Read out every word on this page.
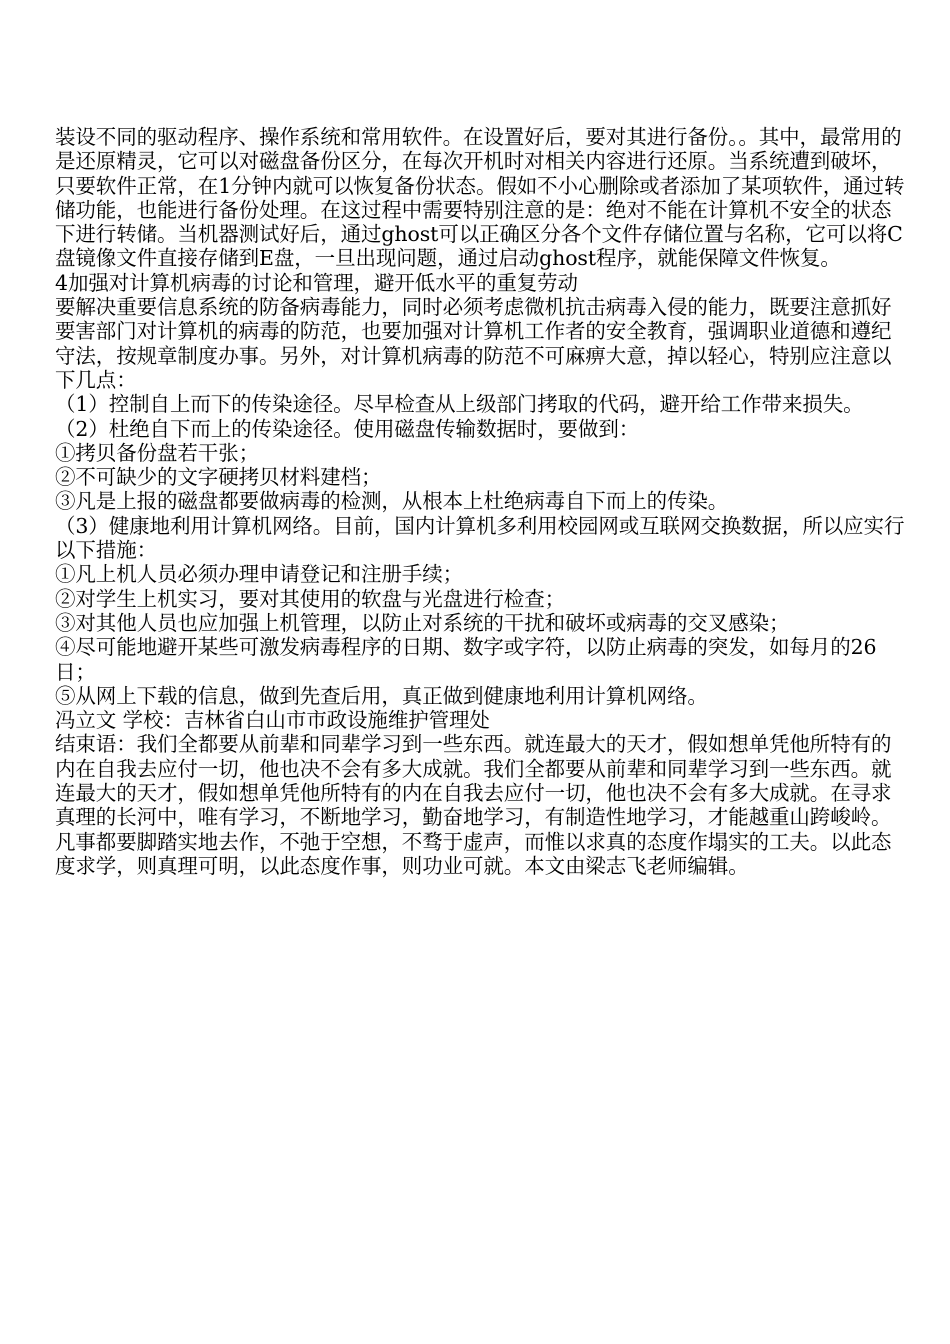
装设不同的驱动程序、操作系统和常用软件。在设置好后，要对其进行备份。。其中，最常用的是还原精灵，它可以对磁盘备份区分，在每次开机时对相关内容进行还原。当系统遭到破坏，只要软件正常，在1分钟内就可以恢复备份状态。假如不小心删除或者添加了某项软件，通过转储功能，也能进行备份处理。在这过程中需要特别注意的是：绝对不能在计算机不安全的状态下进行转储。当机器测试好后，通过ghost可以正确区分各个文件存储位置与名称，它可以将C盘镜像文件直接存储到E盘，一旦出现问题，通过启动ghost程序，就能保障文件恢复。

4加强对计算机病毒的讨论和管理，避开低水平的重复劳动

要解决重要信息系统的防备病毒能力，同时必须考虑微机抗击病毒入侵的能力，既要注意抓好要害部门对计算机的病毒的防范，也要加强对计算机工作者的安全教育，强调职业道德和遵纪守法，按规章制度办事。另外，对计算机病毒的防范不可麻痹大意，掉以轻心，特别应注意以下几点：

（1）控制自上而下的传染途径。尽早检查从上级部门拷取的代码，避开给工作带来损失。

（2）杜绝自下而上的传染途径。使用磁盘传输数据时，要做到：

①拷贝备份盘若干张；

②不可缺少的文字硬拷贝材料建档；

③凡是上报的磁盘都要做病毒的检测，从根本上杜绝病毒自下而上的传染。

（3）健康地利用计算机网络。目前，国内计算机多利用校园网或互联网交换数据，所以应实行以下措施：

①凡上机人员必须办理申请登记和注册手续；

②对学生上机实习，要对其使用的软盘与光盘进行检查；

③对其他人员也应加强上机管理，以防止对系统的干扰和破坏或病毒的交叉感染；

④尽可能地避开某些可激发病毒程序的日期、数字或字符，以防止病毒的突发，如每月的26日；

⑤从网上下载的信息，做到先查后用，真正做到健康地利用计算机网络。

冯立文 学校：吉林省白山市市政设施维护管理处

结束语：我们全都要从前辈和同辈学习到一些东西。就连最大的天才，假如想单凭他所特有的内在自我去应付一切，他也决不会有多大成就。我们全都要从前辈和同辈学习到一些东西。就连最大的天才，假如想单凭他所特有的内在自我去应付一切，他也决不会有多大成就。在寻求真理的长河中，唯有学习，不断地学习，勤奋地学习，有制造性地学习，才能越重山跨峻岭。凡事都要脚踏实地去作，不弛于空想，不骛于虚声，而惟以求真的态度作塌实的工夫。以此态度求学，则真理可明，以此态度作事，则功业可就。本文由梁志飞老师编辑。
